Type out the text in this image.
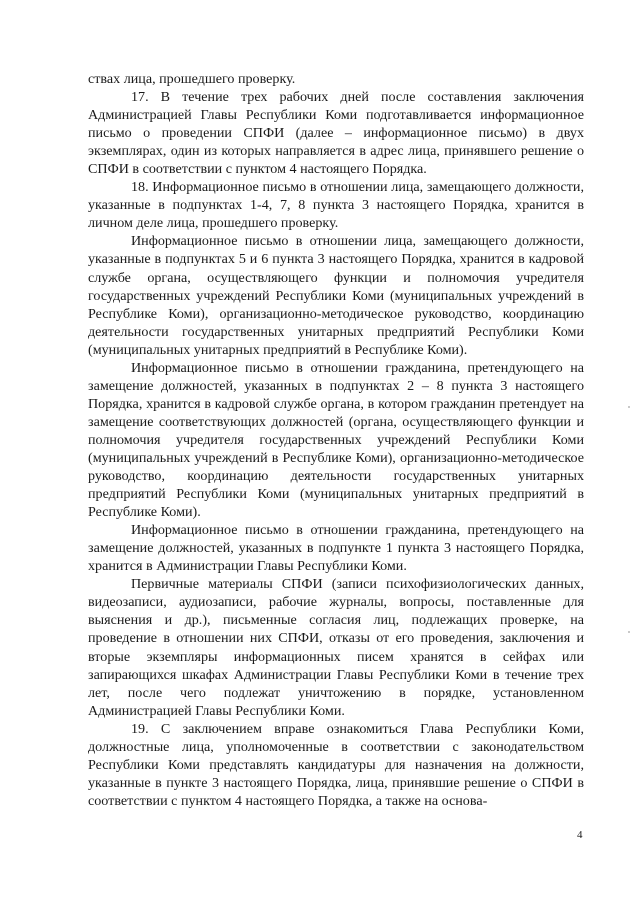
ствах лица, прошедшего проверку.

17. В течение трех рабочих дней после составления заключения Администрацией Главы Республики Коми подготавливается информационное письмо о проведении СПФИ (далее – информационное письмо) в двух экземплярах, один из которых направляется в адрес лица, принявшего решение о СПФИ в соответствии с пунктом 4 настоящего Порядка.

18. Информационное письмо в отношении лица, замещающего должности, указанные в подпунктах 1-4, 7, 8 пункта 3 настоящего Порядка, хранится в личном деле лица, прошедшего проверку.

Информационное письмо в отношении лица, замещающего должности, указанные в подпунктах 5 и 6 пункта 3 настоящего Порядка, хранится в кадровой службе органа, осуществляющего функции и полномочия учредителя государственных учреждений Республики Коми (муниципальных учреждений в Республике Коми), организационно-методическое руководство, координацию деятельности государственных унитарных предприятий Республики Коми (муниципальных унитарных предприятий в Республике Коми).

Информационное письмо в отношении гражданина, претендующего на замещение должностей, указанных в подпунктах 2 – 8 пункта 3 настоящего Порядка, хранится в кадровой службе органа, в котором гражданин претендует на замещение соответствующих должностей (органа, осуществляющего функции и полномочия учредителя государственных учреждений Республики Коми (муниципальных учреждений в Республике Коми), организационно-методическое руководство, координацию деятельности государственных унитарных предприятий Республики Коми (муниципальных унитарных предприятий в Республике Коми).

Информационное письмо в отношении гражданина, претендующего на замещение должностей, указанных в подпункте 1 пункта 3 настоящего Порядка, хранится в Администрации Главы Республики Коми.

Первичные материалы СПФИ (записи психофизиологических данных, видеозаписи, аудиозаписи, рабочие журналы, вопросы, поставленные для выяснения и др.), письменные согласия лиц, подлежащих проверке, на проведение в отношении них СПФИ, отказы от его проведения, заключения и вторые экземпляры информационных писем хранятся в сейфах или запирающихся шкафах Администрации Главы Республики Коми в течение трех лет, после чего подлежат уничтожению в порядке, установленном Администрацией Главы Республики Коми.

19. С заключением вправе ознакомиться Глава Республики Коми, должностные лица, уполномоченные в соответствии с законодательством Республики Коми представлять кандидатуры для назначения на должности, указанные в пункте 3 настоящего Порядка, лица, принявшие решение о СПФИ в соответствии с пунктом 4 настоящего Порядка, а также на основа-

4
